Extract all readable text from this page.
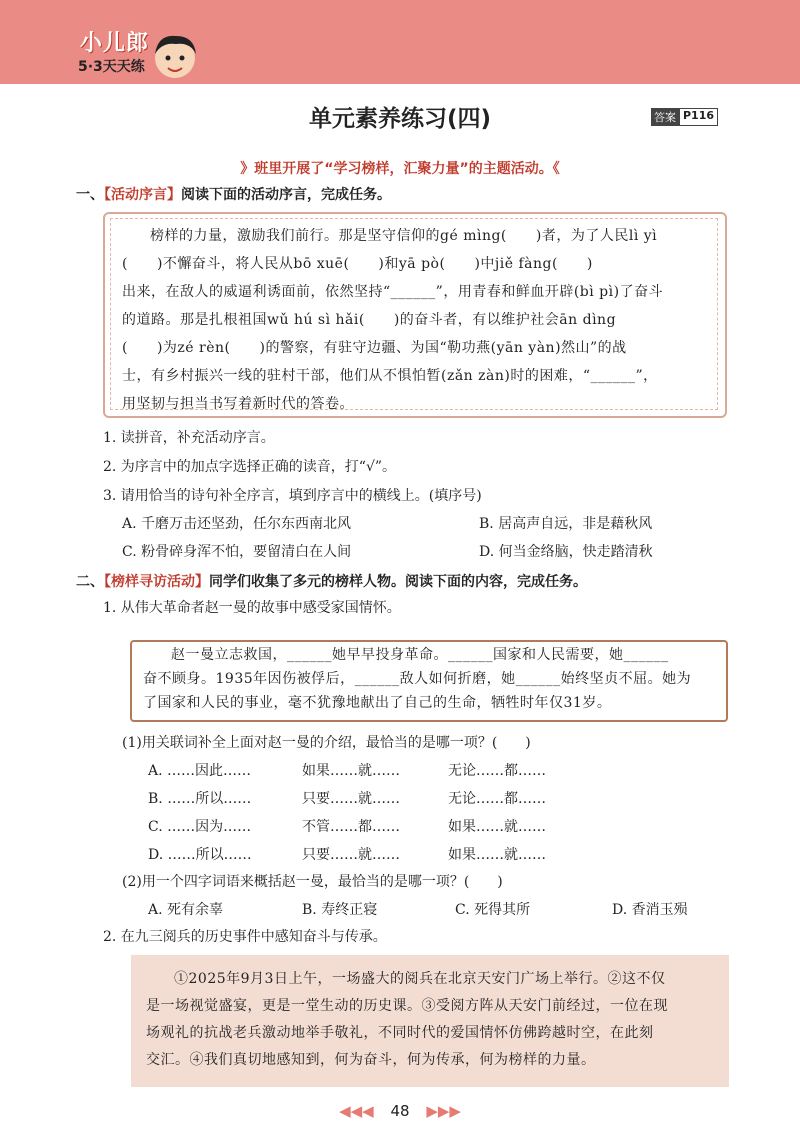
小儿郎
5·3天天练
单元素养练习(四)	答案 P116
》班里开展了“学习榜样，汇聚力量”的主题活动。《
一、【活动序言】阅读下面的活动序言，完成任务。
榜样的力量，激励我们前行。那是坚守信仰的gé mìng(　　)者，为了人民lì yì
(　　)不懈奋斗，将人民从bō xuē(　　)和yā pò(　　)中jiě fàng(　　)
出来，在敌人的威逼利诱面前，依然坚持“______”，用青春和鲜血开辟(bì pì)了奋斗
的道路。那是扎根祖国wǔ hú sì hǎi(　　)的奋斗者，有以维护社会ān dìng
(　　)为zé rèn(　　)的警察，有驻守边疆、为国“勒功燕(yān yàn)然山”的战
士，有乡村振兴一线的驻村干部，他们从不惧怕暂(zǎn zàn)时的困难，“______”，
用坚韧与担当书写着新时代的答卷。
1. 读拼音，补充活动序言。
2. 为序言中的加点字选择正确的读音，打“√”。
3. 请用恰当的诗句补全序言，填到序言中的横线上。(填序号)
A. 千磨万击还坚劲，任尔东西南北风	B. 居高声自远，非是藉秋风
C. 粉骨碎身浑不怕，要留清白在人间	D. 何当金络脑，快走踏清秋
二、【榜样寻访活动】同学们收集了多元的榜样人物。阅读下面的内容，完成任务。
1. 从伟大革命者赵一曼的故事中感受家国情怀。
赵一曼立志救国，______她早早投身革命。______国家和人民需要，她______
奋不顾身。1935年因伤被俘后，______敌人如何折磨，她______始终坚贞不屈。她为
了国家和人民的事业，毫不犹豫地献出了自己的生命，牺牲时年仅31岁。
(1)用关联词补全上面对赵一曼的介绍，最恰当的是哪一项？(　　)
A. ……因此……	如果……就……	无论……都……
B. ……所以……	只要……就……	无论……都……
C. ……因为……	不管……都……	如果……就……
D. ……所以……	只要……就……	如果……就……
(2)用一个四字词语来概括赵一曼，最恰当的是哪一项？(　　)
A. 死有余辜	B. 寿终正寝	C. 死得其所	D. 香消玉殒
2. 在九三阅兵的历史事件中感知奋斗与传承。
①2025年9月3日上午，一场盛大的阅兵在北京天安门广场上举行。②这不仅
是一场视觉盛宴，更是一堂生动的历史课。③受阅方阵从天安门前经过，一位在现
场观礼的抗战老兵激动地举手敬礼，不同时代的爱国情怀仿佛跨越时空，在此刻
交汇。④我们真切地感知到，何为奋斗，何为传承，何为榜样的力量。
◀◀◀ 48 ▶▶▶
